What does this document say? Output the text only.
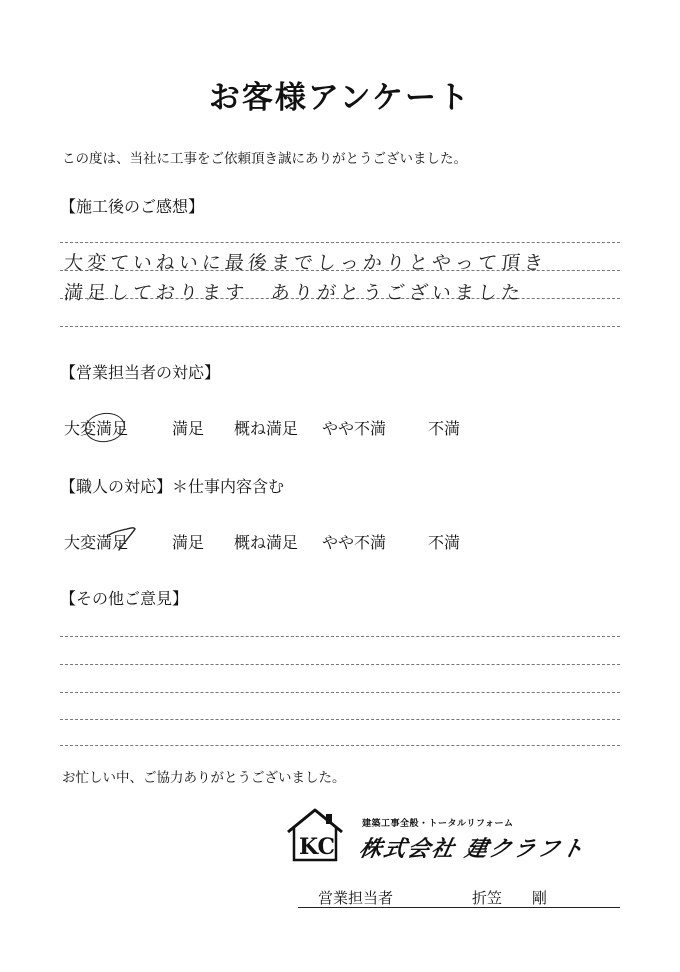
お客様アンケート
この度は、当社に工事をご依頼頂き誠にありがとうございました。
【施工後のご感想】
大変ていねいに最後までしっかりとやって頂き
満足しております　ありがとうございました
【営業担当者の対応】
大変満足	満足 概ね満足 やや不満	不満
【職人の対応】＊仕事内容含む
大変満足	満足 概ね満足 やや不満	不満
【その他ご意見】
お忙しい中、ご協力ありがとうございました。
KC
建築工事全般・トータルリフォーム
株式会社 建クラフト
営業担当者	折笠　　剛
